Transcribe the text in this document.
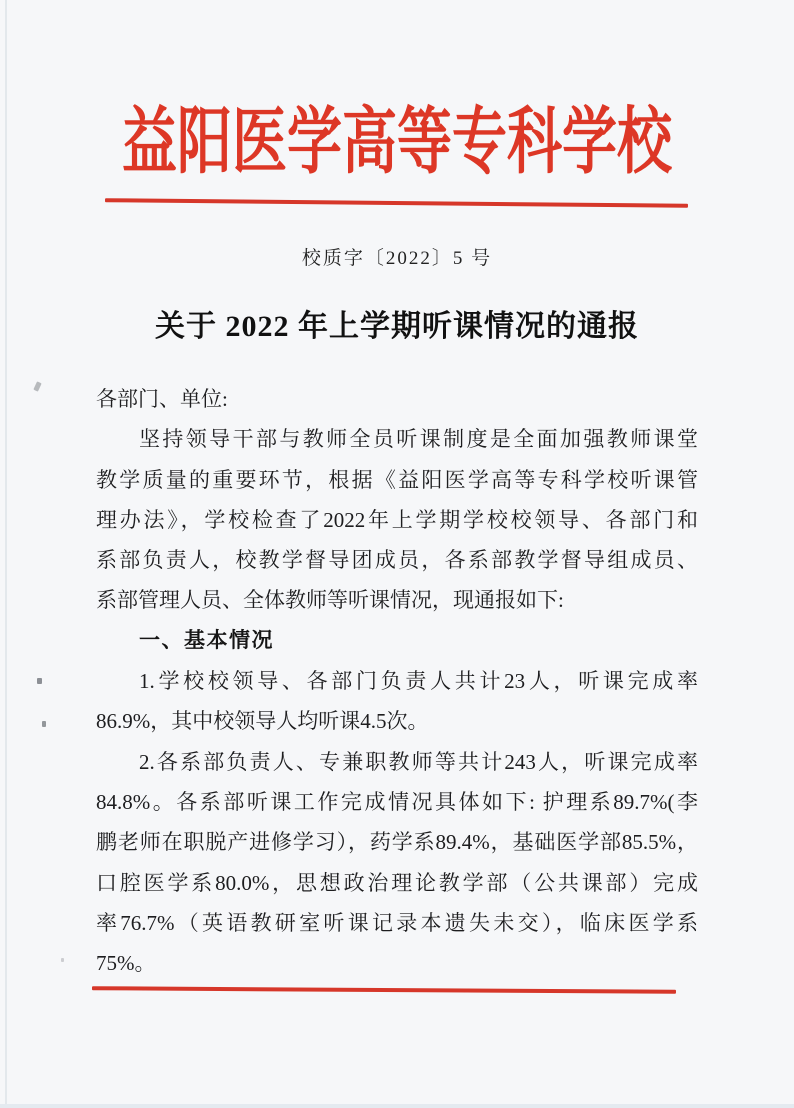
益阳医学高等专科学校
校质字〔2022〕5 号
关于 2022 年上学期听课情况的通报
各部门、单位:
坚持领导干部与教师全员听课制度是全面加强教师课堂
教学质量的重要环节，根据《益阳医学高等专科学校听课管
理办法》，学校检查了2022年上学期学校校领导、各部门和
系部负责人，校教学督导团成员，各系部教学督导组成员、
系部管理人员、全体教师等听课情况，现通报如下:
一、基本情况
1.学校校领导、各部门负责人共计23人，听课完成率
86.9%，其中校领导人均听课4.5次。
2.各系部负责人、专兼职教师等共计243人，听课完成率
84.8%。各系部听课工作完成情况具体如下: 护理系89.7%(李
鹏老师在职脱产进修学习），药学系89.4%，基础医学部85.5%，
口腔医学系80.0%，思想政治理论教学部（公共课部）完成
率76.7%（英语教研室听课记录本遗失未交），临床医学系
75%。
